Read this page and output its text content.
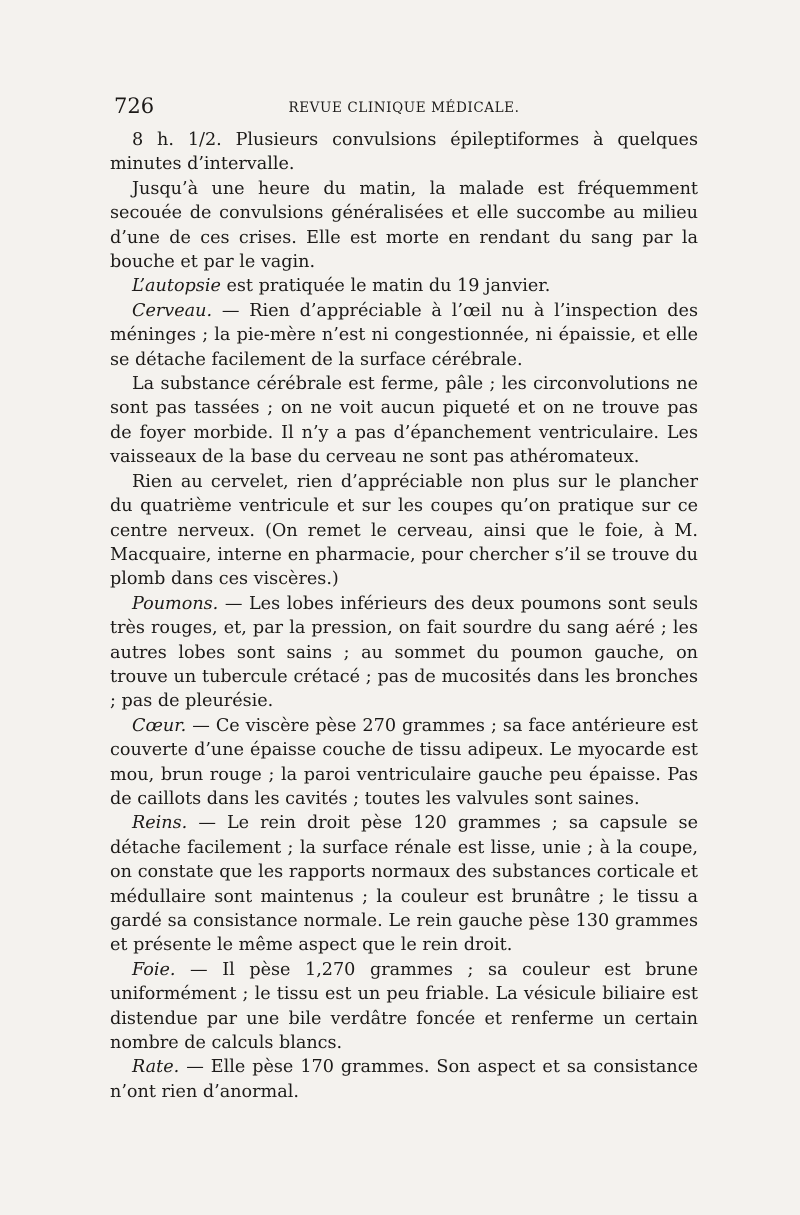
726	REVUE CLINIQUE MÉDICALE.

8 h. 1/2. Plusieurs convulsions épileptiformes à quelques minutes d’intervalle.

Jusqu’à une heure du matin, la malade est fréquemment secouée de convulsions généralisées et elle succombe au milieu d’une de ces crises. Elle est morte en rendant du sang par la bouche et par le vagin.

L’autopsie est pratiquée le matin du 19 janvier.

Cerveau. — Rien d’appréciable à l’œil nu à l’inspection des méninges ; la pie-mère n’est ni congestionnée, ni épaissie, et elle se détache facilement de la surface cérébrale.

La substance cérébrale est ferme, pâle ; les circonvolutions ne sont pas tassées ; on ne voit aucun piqueté et on ne trouve pas de foyer morbide. Il n’y a pas d’épanchement ventriculaire. Les vaisseaux de la base du cerveau ne sont pas athéromateux.

Rien au cervelet, rien d’appréciable non plus sur le plancher du quatrième ventricule et sur les coupes qu’on pratique sur ce centre nerveux. (On remet le cerveau, ainsi que le foie, à M. Macquaire, interne en pharmacie, pour chercher s’il se trouve du plomb dans ces viscères.)

Poumons. — Les lobes inférieurs des deux poumons sont seuls très rouges, et, par la pression, on fait sourdre du sang aéré ; les autres lobes sont sains ; au sommet du poumon gauche, on trouve un tubercule crétacé ; pas de mucosités dans les bronches ; pas de pleurésie.

Cœur. — Ce viscère pèse 270 grammes ; sa face antérieure est couverte d’une épaisse couche de tissu adipeux. Le myocarde est mou, brun rouge ; la paroi ventriculaire gauche peu épaisse. Pas de caillots dans les cavités ; toutes les valvules sont saines.

Reins. — Le rein droit pèse 120 grammes ; sa capsule se détache facilement ; la surface rénale est lisse, unie ; à la coupe, on constate que les rapports normaux des substances corticale et médullaire sont maintenus ; la couleur est brunâtre ; le tissu a gardé sa consistance normale. Le rein gauche pèse 130 grammes et présente le même aspect que le rein droit.

Foie. — Il pèse 1,270 grammes ; sa couleur est brune uniformément ; le tissu est un peu friable. La vésicule biliaire est distendue par une bile verdâtre foncée et renferme un certain nombre de calculs blancs.

Rate. — Elle pèse 170 grammes. Son aspect et sa consistance n’ont rien d’anormal.
